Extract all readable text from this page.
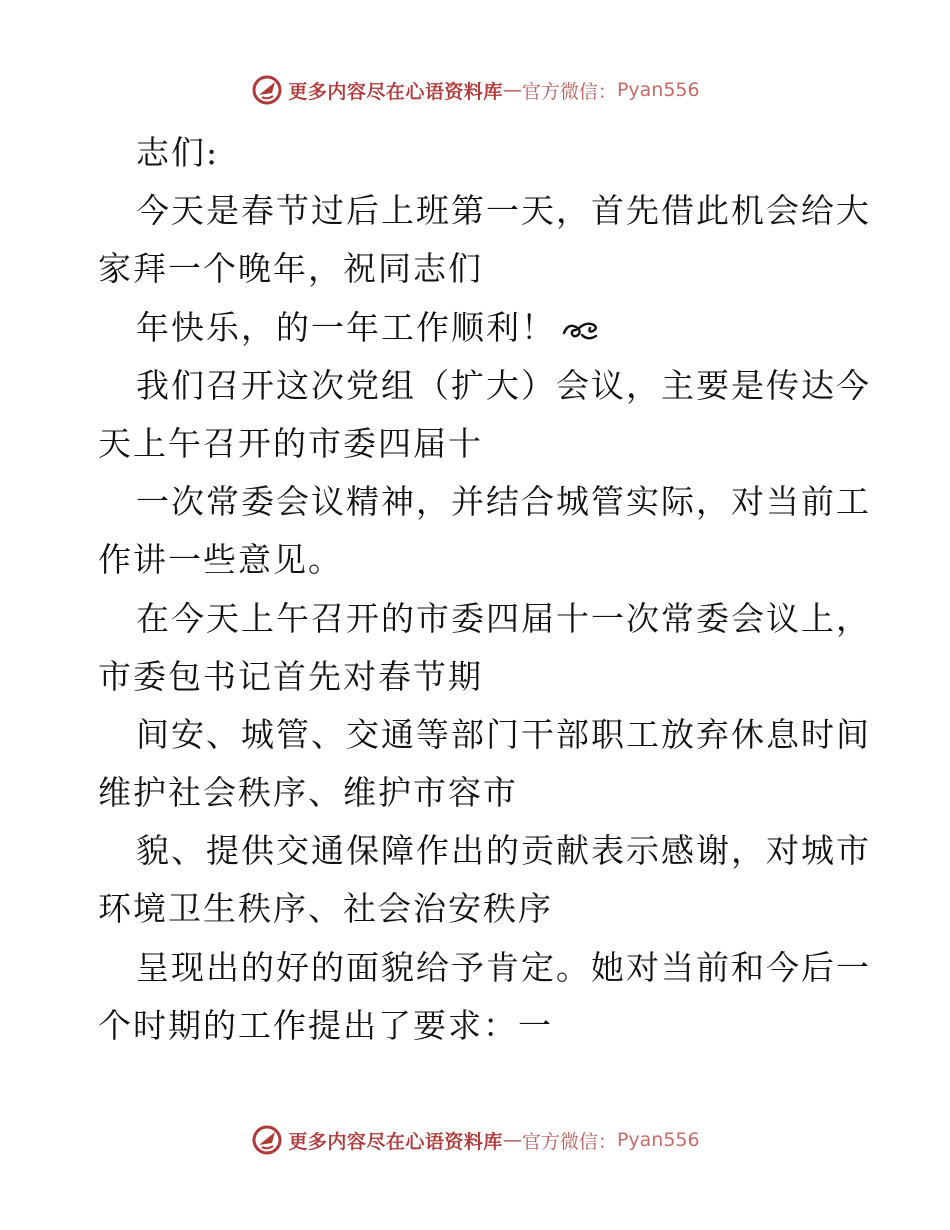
更多内容尽在心语资料库 — 官方微信 ： Pyan556
志们:
今天是春节过后上班第一天，首先借此机会给大
家拜一个晚年，祝同志们
年快乐，的一年工作顺利！
我们召开这次党组（扩大）会议，主要是传达今
天上午召开的市委四届十
一次常委会议精神，并结合城管实际，对当前工
作讲一些意见。
在今天上午召开的市委四届十一次常委会议上，
市委包书记首先对春节期
间安、城管、交通等部门干部职工放弃休息时间
维护社会秩序、维护市容市
貌、提供交通保障作出的贡献表示感谢，对城市
环境卫生秩序、社会治安秩序
呈现出的好的面貌给予肯定。她对当前和今后一
个时期的工作提出了要求：一
更多内容尽在心语资料库 — 官方微信 ： Pyan556
